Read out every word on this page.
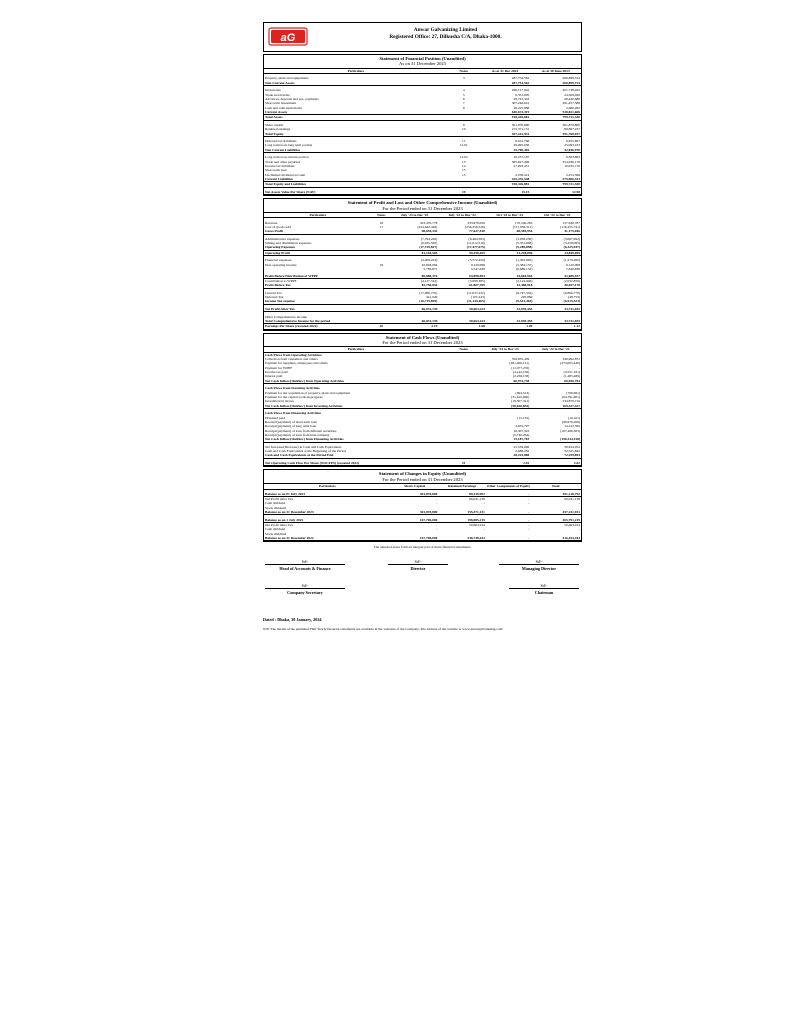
aG
Anwar Galvanizing Limited
Registered Office: 27, Dilkusha C/A, Dhaka-1000.
Statement of Financial Position (Unaudited)
As on 31 December 2023
Particulars	Notes	As at 31 Dec 2023	As at 30 June 2023

Property, plant and equipments	3	287,754,562	260,899,724
Non-Current Assets		287,754,562	260,899,724

Inventories	4	260,127,042	201,738,022
Trade receivables	5	6,351,005	24,509,026
Advances, deposits and pre- payments	6	28,722,343	28,430,688
Short term investment	7	307,246,041	281,457,588
Cash and cash equivalents	8	28,225,888	2,686,282
Current Assets		630,672,319	538,821,606
Total Assets		918,426,881	799,721,330

Share capital	9	301,870,800	301,870,800
Retained earnings	10	155,371,131	89,897,237
Total Equity		457,241,931	391,768,037

Deferred tax liabilities	11	6,612,766	6,955,807
Long term loan-long term portion	12.01	29,095,636	25,093,163
Non Current Liabilities		35,708,402	32,046,970

Long term loan-current portion	12.02	10,237,187	9,583,863
Trade and other payables	13	385,927,496	354,036,178
Income tax liabilities	14	27,093,451	10,032,716
Short term loan	15	-	-
Unclaimed dividend account	15	2,258,414	2,253,566
Current Liabilities		425,476,548	375,906,323
Total Equity and Liabilities		918,426,881	799,721,330

Net Assets Value Per Share (NAV)	19	15.15	12.98
Statement of Profit and Loss and Other Comprehensive Income (Unaudited)
For the Period ended on 31 December 2023
Particulars	Notes	July '23 to Dec '23	July '22 to Dec '22	Oct '23 to Dec '23	Oct '22 to Dec '22

Revenue	16	323,476,778	333,978,056	170,540,265	157,630,787
Cost of goods sold	17	(224,642,446)	(256,350,526)	(117,956,311)	(116,455,741)
Gross Profit		98,834,332	77,627,530	60,583,954	41,175,046

Administrative expenses		(7,794,262)	(6,464,565)	(3,958,250)	(3,067,092)
Selling and distribution expenses		(9,935,565)	(11,012,510)	(5,331,608)	(3,258,095)
Operating Expenses		(17,729,827)	(17,477,075)	(9,289,858)	(6,325,947)
Operating Profit		81,104,505	59,350,455	51,294,096	34,849,099

Financial expenses		(4,909,223)	(3,572,459)	(1,305,995)	(1,279,260)
Non-operating income	18	10,693,094	9,120,098	(5,383,137)	9,120,098
		5,783,871	5,547,639	(6,689,132)	7,840,838

Profit Before Distribution of WPPF		86,888,376	64,898,094	44,604,964	42,689,937
Contribution to WPPF		(4,137,542)	(3,090,385)	(2,124,046)	(2,032,859)
Profit Before Tax		82,750,834	61,807,709	42,480,918	40,657,178

Current Tax		(17,060,735)	(11,037,222)	(9,747,332)	(6,866,770)
Deferred Tax		341,040	(107,243)	205,869	(48,753)
Income Tax expense		(16,719,695)	(11,144,465)	(9,541,463)	(6,915,523)

Net Profit After Tax		66,031,139	50,663,224	32,939,455	33,741,655

Other Comprehensive income					
Total Comprehensive Income for the period		66,031,139	50,663,224	32,939,455	33,741,655
Earnings Per Share (restated-2022)	20	2.19	1.68	1.09	1.12
Statement of Cash Flows (Unaudited)
For the Period ended on 31 December 2023
Particulars	Notes	July '23 to Dec '23	July '22 to Dec '22
Cash Flows from Operating Activities:			
Collection from customers and others		359,835,459	340,992,872
Payment for suppliers, employees and others		(281,406,151)	(274,005,440)
Payment for WPPF		(11,077,276)	-
Income tax paid		(4,142,136)	(4,551,161)
Interest paid		(2,236,158)	(1,485,489)
Net Cash Inflow/(Outflow) from Operating Activities		60,972,738	60,950,783

Cash Flows from Investing Activities			
Payment for the acquisition of property, plant and equipment		(694,513)	(760,691)
Payment for the capital work-in-progress		(31,619,000)	(64,791,601)
Investment in shares		(18,307,321)	234,879,719
Net Cash Inflow/(Outflow) from Investing Activities		(50,620,835)	169,327,427

Cash Flows from Financing Activities			
Dividend paid		(15,152)	(16,101)
Receipt/(payment) of short term loan		-	(96,970,206)
Receipt/(payment) of long term loan		4,655,797	14,122,592
Receipt/(payment) of loan from different securities		10,307,322	(107,480,363)
Receipt/(payment) of loan from intercompany		(5,740,264)	-
Net Cash Inflow/(Outflow) from Financing Activities		15,187,703	(190,344,158)

Net Increase/(Decrease) in Cash and Cash Equivalents		25,539,606	39,934,052
Cash and Cash Equivalents at the Beginning of the Period		2,686,282	32,325,842
Cash and Cash Equivalents at the Period End		28,225,888	72,259,894

Net Operating Cash Flow Per Share (NOCFPS) (restated 2022)	21	2.02	2.02
Statement of Changes in Equity (Unaudited)
For the Period ended on 31 December 2023
Particulars	Share Capital	Retained Earnings	Other Components of Equity	Total

Balance as on 01 July 2023	301,870,800	89,339,992	-	391,210,792
Net Profit After Tax	-	66,031,139	-	66,031,139
Cash dividend	-	-	-	-
Stock dividend				
Balance as on 31 December 2023	301,870,800	155,371,131	-	457,241,931

Balance as on 1 July 2022	167,706,000	198,085,219	-	365,791,219
Net Profit After Tax	-	50,663,224	-	50,663,224
Cash dividend	-	-	-	-
Stock dividend				
Balance as on 31 December 2022	167,706,000	248,748,443	-	416,454,443
The annexed notes form an integral part of these financial statements.
Sd/-
Head of Accounts & Finance
Sd/-
Director
Sd/-
Managing Director
Sd/-
Company Secretary
Sd/-
Chairman
Dated : Dhaka, 30 January, 2024
N.B: The details of the published Half Yearly financial statements are available in the websites of the Company. The address of the website is 'www.anwargalvanizing.com'
